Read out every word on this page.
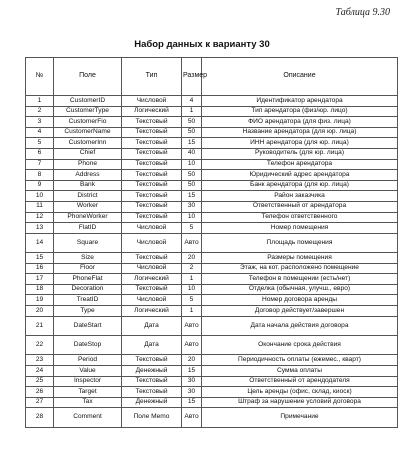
Таблица 9.30
Набор данных к варианту 30
№	Поле	Тип	Размер	Описание
1	CustomerID	Числовой	4	Идентификатор арендатора
2	CustomerType	Логический	1	Тип арендатора (физ/юр. лицо)
3	CustomerFio	Текстовый	50	ФИО арендатора (для физ. лица)
4	CustomerName	Текстовый	50	Название арендатора (для юр. лица)
5	CustomerInn	Текстовый	15	ИНН арендатора (для юр. лица)
6	Chief	Текстовый	40	Руководитель (для юр. лица)
7	Phone	Текстовый	10	Телефон арендатора
8	Address	Текстовый	50	Юридический адрес арендатора
9	Bank	Текстовый	50	Банк арендатора (для юр. лица)
10	District	Текстовый	15	Район заказчика
11	Worker	Текстовый	30	Ответственный от арендатора
12	PhoneWorker	Текстовый	10	Телефон ответственного
13	FlatID	Числовой	5	Номер помещения
14	Square	Числовой	Авто	Площадь помещения
15	Size	Текстовый	20	Размеры помещения
16	Floor	Числовой	2	Этаж, на кот. расположено помещение
17	PhoneFlat	Логический	1	Телефон в помещении (есть/нет)
18	Decoration	Текстовый	10	Отделка (обычная, улучш., евро)
19	TreatID	Числовой	5	Номер договора аренды
20	Type	Логический	1	Договор действует/завершен
21	DateStart	Дата	Авто	Дата начала действия договора
22	DateStop	Дата	Авто	Окончание срока действия
23	Period	Текстовый	20	Периодичность оплаты (ежемес., кварт)
24	Value	Денежный	15	Сумма оплаты
25	Inspector	Текстовый	30	Ответственный от арендодателя
26	Target	Текстовый	30	Цель аренды (офис, склад, киоск)
27	Tax	Денежный	15	Штраф за нарушение условий договора
28	Comment	Поле Memo	Авто	Примечание
